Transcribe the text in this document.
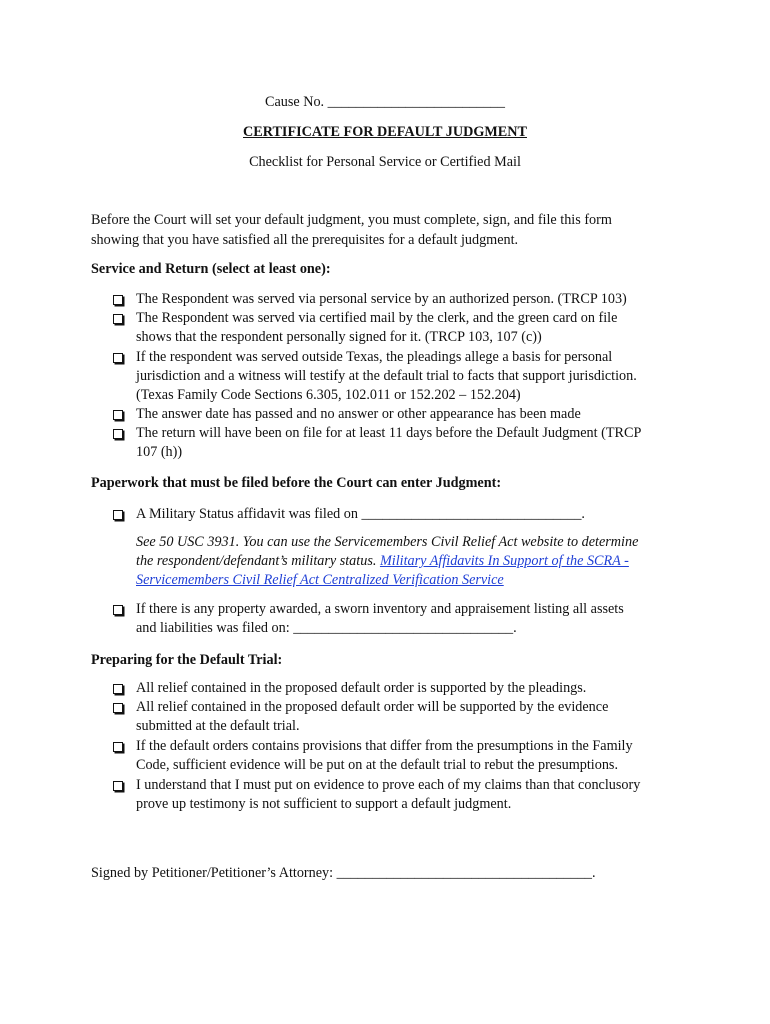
Cause No. _________________________
CERTIFICATE FOR DEFAULT JUDGMENT
Checklist for Personal Service or Certified Mail
Before the Court will set your default judgment, you must complete, sign, and file this form
showing that you have satisfied all the prerequisites for a default judgment.
Service and Return (select at least one):
The Respondent was served via personal service by an authorized person. (TRCP 103)
The Respondent was served via certified mail by the clerk, and the green card on file
shows that the respondent personally signed for it. (TRCP 103, 107 (c))
If the respondent was served outside Texas, the pleadings allege a basis for personal
jurisdiction and a witness will testify at the default trial to facts that support jurisdiction.
(Texas Family Code Sections 6.305, 102.011 or 152.202 – 152.204)
The answer date has passed and no answer or other appearance has been made
The return will have been on file for at least 11 days before the Default Judgment (TRCP
107 (h))
Paperwork that must be filed before the Court can enter Judgment:
A Military Status affidavit was filed on _______________________________.
See 50 USC 3931. You can use the Servicemembers Civil Relief Act website to determine
the respondent/defendant’s military status. Military Affidavits In Support of the SCRA -
Servicemembers Civil Relief Act Centralized Verification Service
If there is any property awarded, a sworn inventory and appraisement listing all assets
and liabilities was filed on: _______________________________.
Preparing for the Default Trial:
All relief contained in the proposed default order is supported by the pleadings.
All relief contained in the proposed default order will be supported by the evidence
submitted at the default trial.
If the default orders contains provisions that differ from the presumptions in the Family
Code, sufficient evidence will be put on at the default trial to rebut the presumptions.
I understand that I must put on evidence to prove each of my claims than that conclusory
prove up testimony is not sufficient to support a default judgment.
Signed by Petitioner/Petitioner’s Attorney: ____________________________________.
